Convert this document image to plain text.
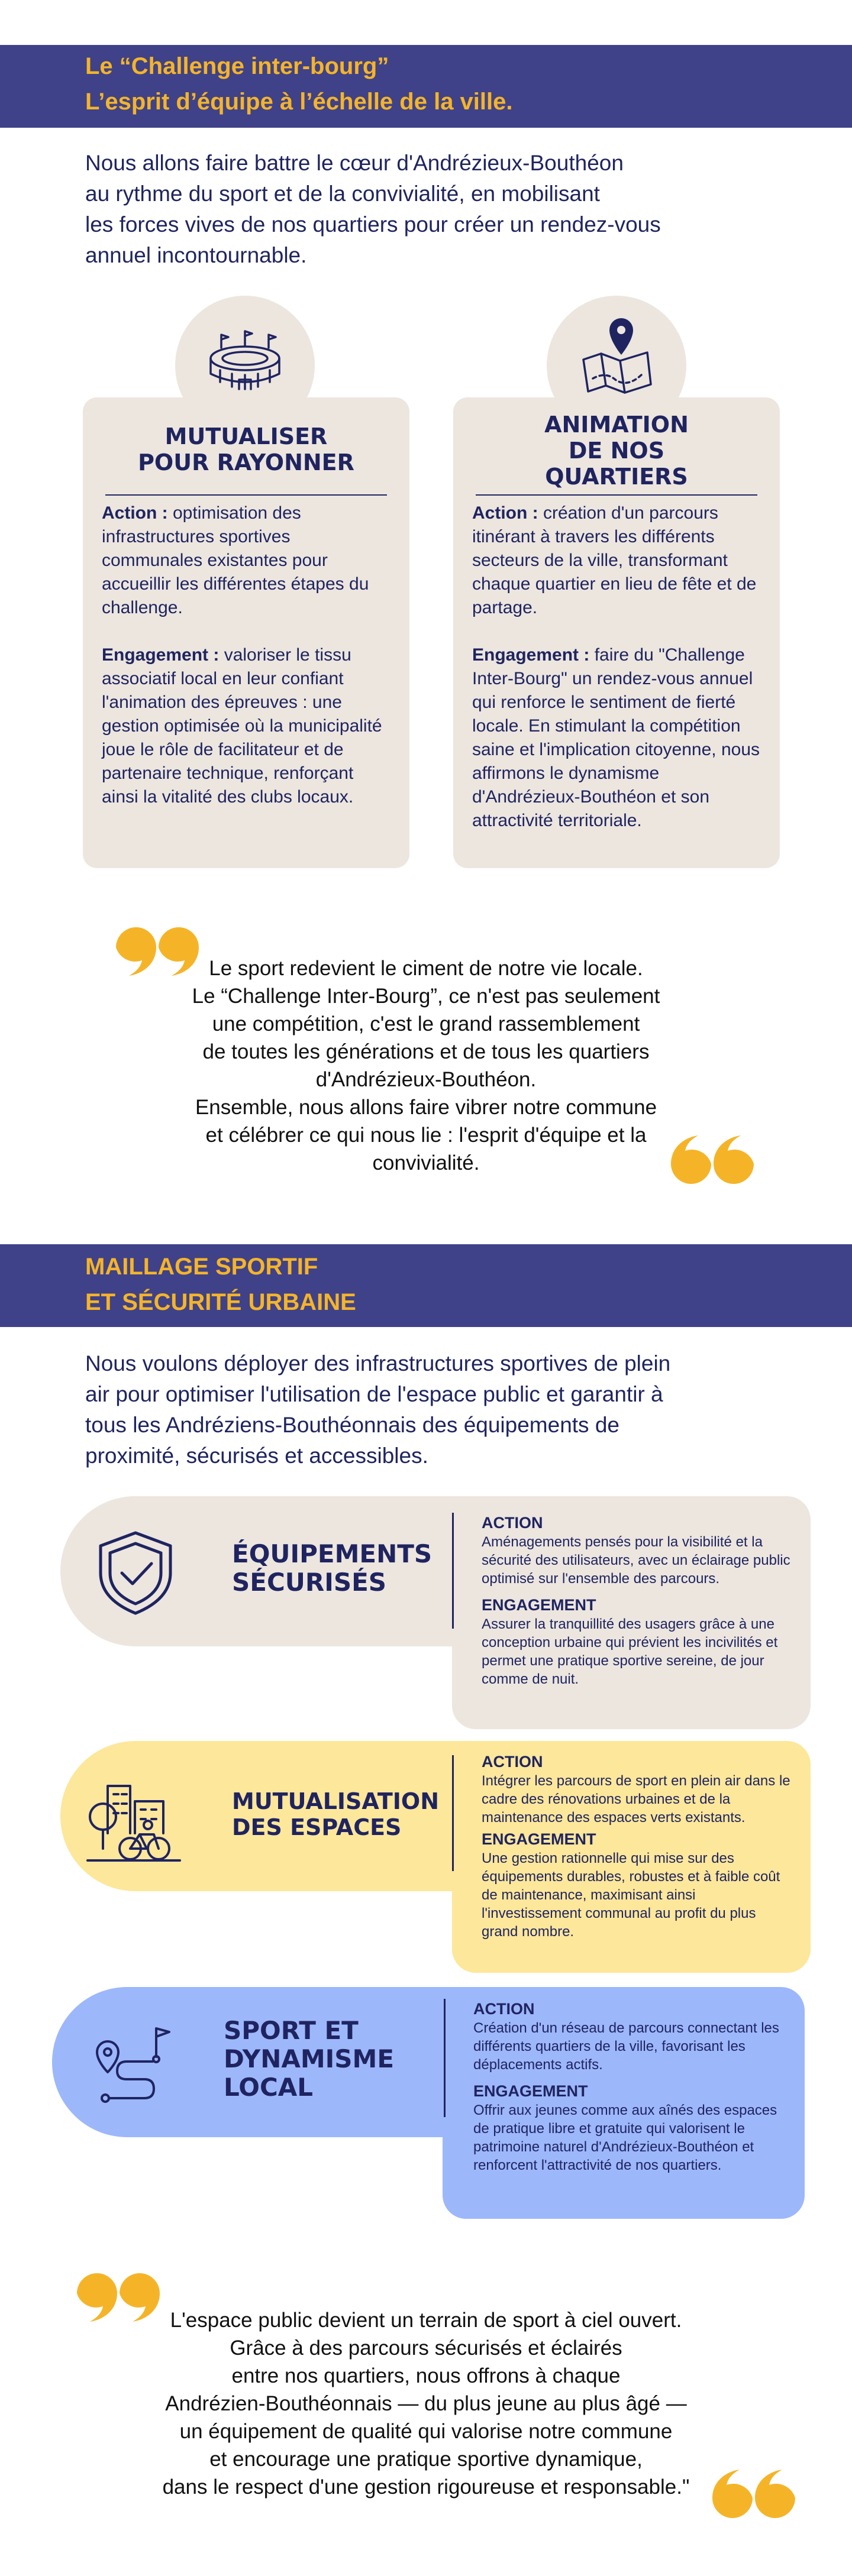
Le “Challenge inter-bourg”
L’esprit d’équipe à l’échelle de la ville.
Nous allons faire battre le cœur d'Andrézieux-Bouthéon
au rythme du sport et de la convivialité, en mobilisant
les forces vives de nos quartiers pour créer un rendez-vous
annuel incontournable.
MUTUALISER
POUR RAYONNER

Action : optimisation des infrastructures sportives communales existantes pour accueillir les différentes étapes du challenge.

Engagement : valoriser le tissu associatif local en leur confiant l'animation des épreuves : une gestion optimisée où la municipalité joue le rôle de facilitateur et de partenaire technique, renforçant ainsi la vitalité des clubs locaux.

ANIMATION
DE NOS
QUARTIERS

Action : création d'un parcours itinérant à travers les différents secteurs de la ville, transformant chaque quartier en lieu de fête et de partage.

Engagement : faire du "Challenge Inter-Bourg" un rendez-vous annuel qui renforce le sentiment de fierté locale. En stimulant la compétition saine et l'implication citoyenne, nous affirmons le dynamisme d'Andrézieux-Bouthéon et son attractivité territoriale.

Le sport redevient le ciment de notre vie locale.
Le “Challenge Inter-Bourg”, ce n'est pas seulement
une compétition, c'est le grand rassemblement
de toutes les générations et de tous les quartiers
d'Andrézieux-Bouthéon.
Ensemble, nous allons faire vibrer notre commune
et célébrer ce qui nous lie : l'esprit d'équipe et la
convivialité.
MAILLAGE SPORTIF
ET SÉCURITÉ URBAINE
Nous voulons déployer des infrastructures sportives de plein
air pour optimiser l'utilisation de l'espace public et garantir à
tous les Andréziens-Bouthéonnais des équipements de
proximité, sécurisés et accessibles.
ÉQUIPEMENTS
SÉCURISÉS
ACTION

Aménagements pensés pour la visibilité et la sécurité des utilisateurs, avec un éclairage public optimisé sur l'ensemble des parcours.

ENGAGEMENT

Assurer la tranquillité des usagers grâce à une conception urbaine qui prévient les incivilités et permet une pratique sportive sereine, de jour comme de nuit.

MUTUALISATION
DES ESPACES
ACTION

Intégrer les parcours de sport en plein air dans le cadre des rénovations urbaines et de la maintenance des espaces verts existants.

ENGAGEMENT

Une gestion rationnelle qui mise sur des équipements durables, robustes et à faible coût de maintenance, maximisant ainsi l'investissement communal au profit du plus grand nombre.

SPORT ET
DYNAMISME
LOCAL
ACTION

Création d'un réseau de parcours connectant les différents quartiers de la ville, favorisant les déplacements actifs.

ENGAGEMENT

Offrir aux jeunes comme aux aînés des espaces de pratique libre et gratuite qui valorisent le patrimoine naturel d'Andrézieux-Bouthéon et renforcent l'attractivité de nos quartiers.

L'espace public devient un terrain de sport à ciel ouvert.
Grâce à des parcours sécurisés et éclairés
entre nos quartiers, nous offrons à chaque
Andrézien-Bouthéonnais — du plus jeune au plus âgé —
un équipement de qualité qui valorise notre commune
et encourage une pratique sportive dynamique,
dans le respect d'une gestion rigoureuse et responsable."
